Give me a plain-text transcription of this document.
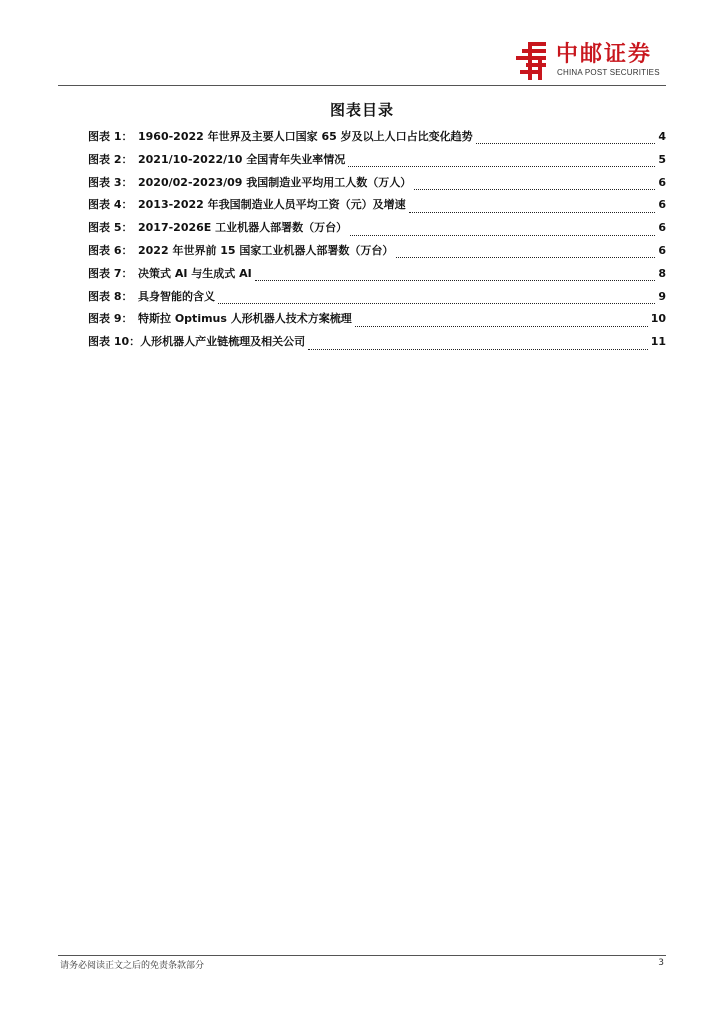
中邮证券
CHINA POST SECURITIES
图表目录
图表 1： 1960-2022 年世界及主要人口国家 65 岁及以上人口占比变化趋势	4
图表 2： 2021/10-2022/10 全国青年失业率情况	5
图表 3： 2020/02-2023/09 我国制造业平均用工人数（万人）	6
图表 4： 2013-2022 年我国制造业人员平均工资（元）及增速	6
图表 5： 2017-2026E 工业机器人部署数（万台）	6
图表 6： 2022 年世界前 15 国家工业机器人部署数（万台）	6
图表 7： 决策式 AI 与生成式 AI	8
图表 8： 具身智能的含义	9
图表 9： 特斯拉 Optimus 人形机器人技术方案梳理	10
图表 10： 人形机器人产业链梳理及相关公司	11
请务必阅读正文之后的免责条款部分	3
